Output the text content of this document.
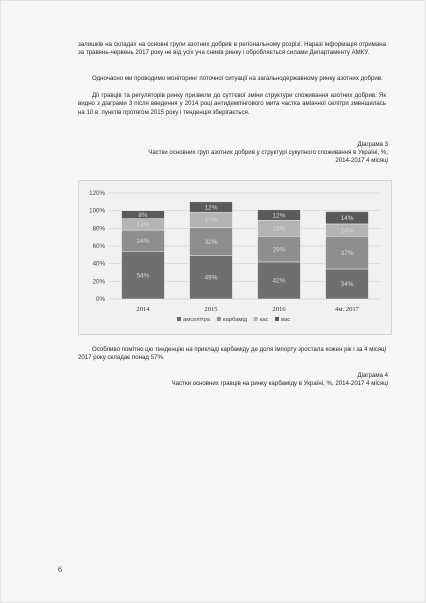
залишків на складах на основні групи азотних добрив в регіональному розрізі. Наразі інформація отримана за травень-червень 2017 року не від усіх уча сників ринку і обробляється силами Департаменту АМКУ.

Одночасно ми проводимо моніторинг поточної ситуації на загальнодержавному ринку азотних добрив.

Дії гравців та регуляторів ринку призвели до суттєвої зміни структури споживання азотних добрив. Як видно з діаграми 3 після введення у 2014 році антидемпінгового мита частка аміачної селітри зменшилась на 10 в. пунктів протягом 2015 року і тенденція зберігається.

Діаграма 3

Частки основних груп азотних добрив у структурі сукупного споживання в Україні, %,
2014-2017 4 місяці

0%
20%
40%
60%
80%
100%
120%
54%
24%
13%
8%
2014
49%
32%
17%
12%
2015
42%
29%
18%
12%
2016
34%
37%
14%
14%
4м. 2017
амселітра карбамід кас вас

Особливо помітно цю тенденцію на прикладі карбаміду де доля імпорту зростала кожен рік і за 4 місяці 2017 року складає понад 57%.

Діаграма 4

Частки основних гравців на ринку карбаміду в Україні, %, 2014-2017 4 місяці

6
